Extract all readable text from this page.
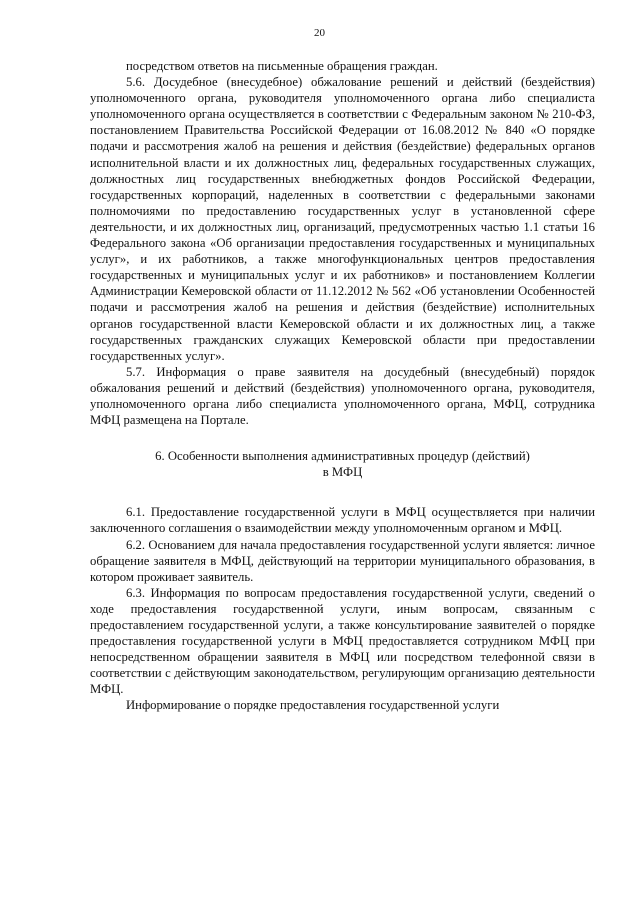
20

посредством ответов на письменные обращения граждан.

5.6. Досудебное (внесудебное) обжалование решений и действий (бездействия) уполномоченного органа, руководителя уполномоченного органа либо специалиста уполномоченного органа осуществляется в соответствии с Федеральным законом № 210-ФЗ, постановлением Правительства Российской Федерации от 16.08.2012 № 840 «О порядке подачи и рассмотрения жалоб на решения и действия (бездействие) федеральных органов исполнительной власти и их должностных лиц, федеральных государственных служащих, должностных лиц государственных внебюджетных фондов Российской Федерации, государственных корпораций, наделенных в соответствии с федеральными законами полномочиями по предоставлению государственных услуг в установленной сфере деятельности, и их должностных лиц, организаций, предусмотренных частью 1.1 статьи 16 Федерального закона «Об организации предоставления государственных и муниципальных услуг», и их работников, а также многофункциональных центров предоставления государственных и муниципальных услуг и их работников» и постановлением Коллегии Администрации Кемеровской области от 11.12.2012 № 562 «Об установлении Особенностей подачи и рассмотрения жалоб на решения и действия (бездействие) исполнительных органов государственной власти Кемеровской области и их должностных лиц, а также государственных гражданских служащих Кемеровской области при предоставлении государственных услуг».

5.7. Информация о праве заявителя на досудебный (внесудебный) порядок обжалования решений и действий (бездействия) уполномоченного органа, руководителя, уполномоченного органа либо специалиста уполномоченного органа, МФЦ, сотрудника МФЦ размещена на Портале.

6. Особенности выполнения административных процедур (действий)
в МФЦ

6.1. Предоставление государственной услуги в МФЦ осуществляется при наличии заключенного соглашения о взаимодействии между уполномоченным органом и МФЦ.

6.2. Основанием для начала предоставления государственной услуги является: личное обращение заявителя в МФЦ, действующий на территории муниципального образования, в котором проживает заявитель.

6.3. Информация по вопросам предоставления государственной услуги, сведений о ходе предоставления государственной услуги, иным вопросам, связанным с предоставлением государственной услуги, а также консультирование заявителей о порядке предоставления государственной услуги в МФЦ предоставляется сотрудником МФЦ при непосредственном обращении заявителя в МФЦ или посредством телефонной связи в соответствии с действующим законодательством, регулирующим организацию деятельности МФЦ.

Информирование о порядке предоставления государственной услуги
